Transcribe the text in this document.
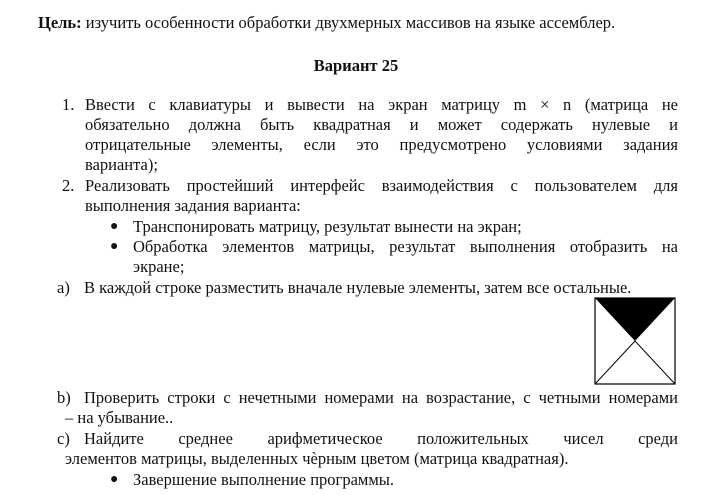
Цель: изучить особенности обработки двухмерных массивов на языке ассемблер.
Вариант 25
1. Ввести с клавиатуры и вывести на экран матрицу m × n (матрица не
обязательно должна быть квадратная и может содержать нулевые и
отрицательные элементы, если это предусмотрено условиями задания
варианта);
2. Реализовать простейший интерфейс взаимодействия с пользователем для
выполнения задания варианта:
● Транспонировать матрицу, результат вынести на экран;
● Обработка элементов матрицы, результат выполнения отобразить на
экране;
a) В каждой строке разместить вначале нулевые элементы, затем все остальные.
b) Проверить строки с нечетными номерами на возрастание, с четными номерами
– на убывание..
c) Найдите среднее арифметическое положительных чисел среди
элементов матрицы, выделенных чѐрным цветом (матрица квадратная).
● Завершение выполнение программы.
